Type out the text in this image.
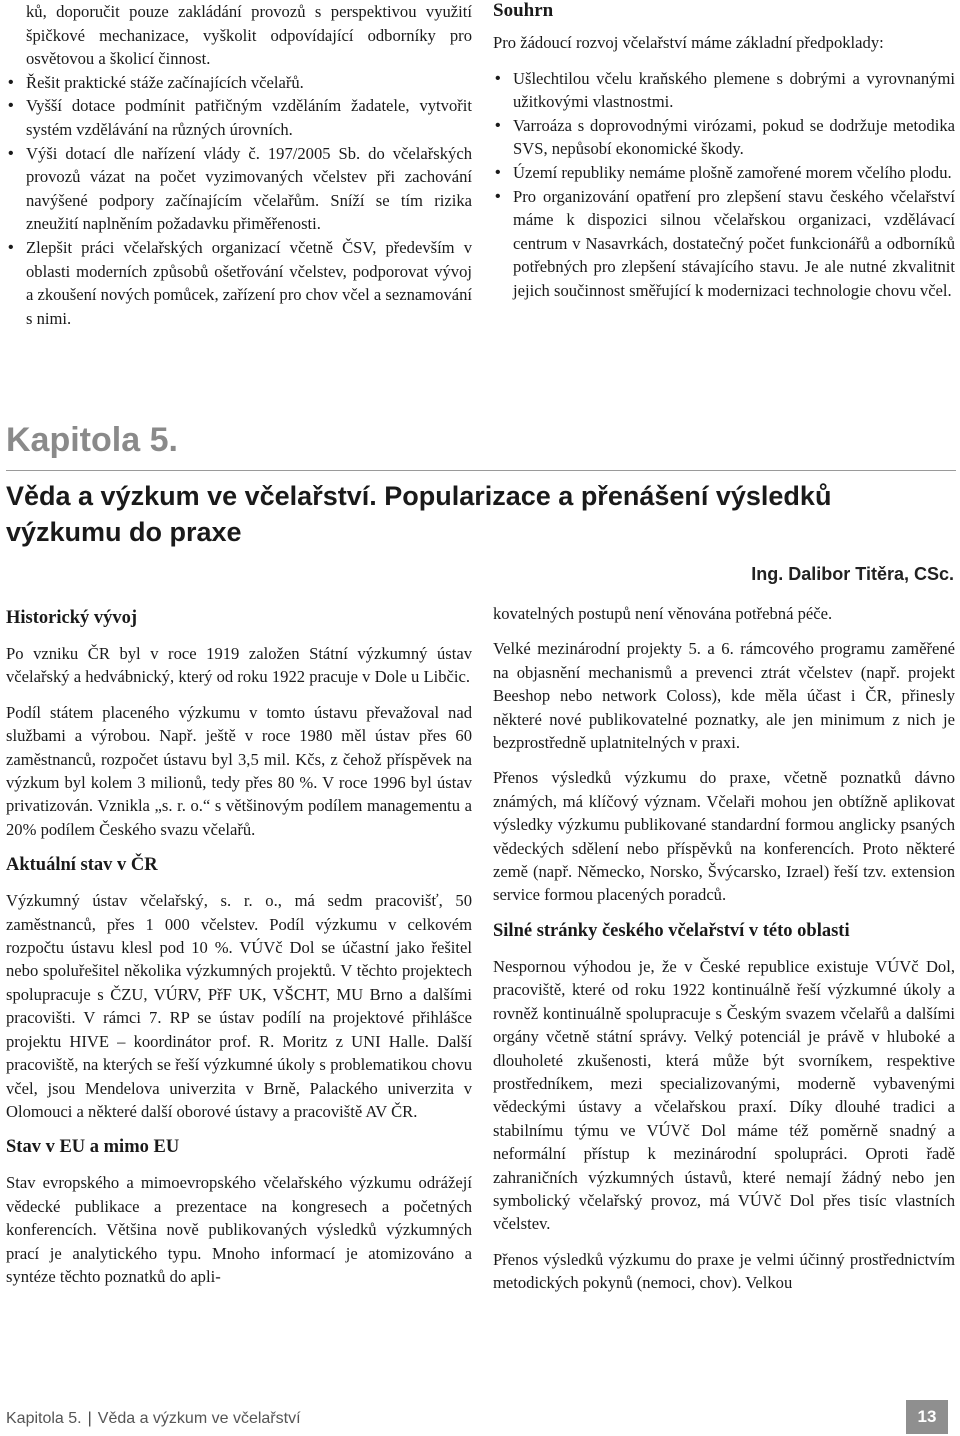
ků, doporučit pouze zakládání provozů s perspektivou využití špičkové mechanizace, vyškolit odpovídající odborníky pro osvětovou a školicí činnost.
• Řešit praktické stáže začínajících včelařů.
• Vyšší dotace podmínit patřičným vzděláním žadatele, vytvořit systém vzdělávání na různých úrovních.
• Výši dotací dle nařízení vlády č. 197/2005 Sb. do včelařských provozů vázat na počet vyzimovaných včelstev při zachování navýšené podpory začínajícím včelařům. Sníží se tím rizika zneužití naplněním požadavku přiměřenosti.
• Zlepšit práci včelařských organizací včetně ČSV, především v oblasti moderních způsobů ošetřování včelstev, podporovat vývoj a zkoušení nových pomůcek, zařízení pro chov včel a seznamování s nimi.
Souhrn

Pro žádoucí rozvoj včelařství máme základní předpoklady:

• Ušlechtilou včelu kraňského plemene s dobrými a vyrovnanými užitkovými vlastnostmi.
• Varroáza s doprovodnými virózami, pokud se dodržuje metodika SVS, nepůsobí ekonomické škody.
• Území republiky nemáme plošně zamořené morem včelího plodu.
• Pro organizování opatření pro zlepšení stavu českého včelařství máme k dispozici silnou včelařskou organizaci, vzdělávací centrum v Nasavrkách, dostatečný počet funkcionářů a odborníků potřebných pro zlepšení stávajícího stavu. Je ale nutné zkvalitnit jejich součinnost směřující k modernizaci technologie chovu včel.
Kapitola 5.
Věda a výzkum ve včelařství. Popularizace a přenášení výsledků výzkumu do praxe

Ing. Dalibor Titěra, CSc.

Historický vývoj

Po vzniku ČR byl v roce 1919 založen Státní výzkumný ústav včelařský a hedvábnický, který od roku 1922 pracuje v Dole u Libčic.

Podíl státem placeného výzkumu v tomto ústavu převažoval nad službami a výrobou. Např. ještě v roce 1980 měl ústav přes 60 zaměstnanců, rozpočet ústavu byl 3,5 mil. Kčs, z čehož příspěvek na výzkum byl kolem 3 milionů, tedy přes 80 %. V roce 1996 byl ústav privatizován. Vznikla „s. r. o.“ s většinovým podílem managementu a 20% podílem Českého svazu včelařů.

Aktuální stav v ČR

Výzkumný ústav včelařský, s. r. o., má sedm pracovišť, 50 zaměstnanců, přes 1 000 včelstev. Podíl výzkumu v celkovém rozpočtu ústavu klesl pod 10 %. VÚVč Dol se účastní jako řešitel nebo spoluřešitel několika výzkumných projektů. V těchto projektech spolupracuje s ČZU, VÚRV, PřF UK, VŠCHT, MU Brno a dalšími pracovišti. V rámci 7. RP se ústav podílí na projektové přihlášce projektu HIVE – koordinátor prof. R. Moritz z UNI Halle. Další pracoviště, na kterých se řeší výzkumné úkoly s problematikou chovu včel, jsou Mendelova univerzita v Brně, Palackého univerzita v Olomouci a některé další oborové ústavy a pracoviště AV ČR.

Stav v EU a mimo EU

Stav evropského a mimoevropského včelařského výzkumu odrážejí vědecké publikace a prezentace na kongresech a početných konferencích. Většina nově publikovaných výsledků výzkumných prací je analytického typu. Mnoho informací je atomizováno a syntéze těchto poznatků do apli-

kovatelných postupů není věnována potřebná péče.

Velké mezinárodní projekty 5. a 6. rámcového programu zaměřené na objasnění mechanismů a prevenci ztrát včelstev (např. projekt Beeshop nebo network Coloss), kde měla účast i ČR, přinesly některé nové publikovatelné poznatky, ale jen minimum z nich je bezprostředně uplatnitelných v praxi.

Přenos výsledků výzkumu do praxe, včetně poznatků dávno známých, má klíčový význam. Včelaři mohou jen obtížně aplikovat výsledky výzkumu publikované standardní formou anglicky psaných vědeckých sdělení nebo příspěvků na konferencích. Proto některé země (např. Německo, Norsko, Švýcarsko, Izrael) řeší tzv. extension service formou placených poradců.

Silné stránky českého včelařství v této oblasti

Nespornou výhodou je, že v České republice existuje VÚVč Dol, pracoviště, které od roku 1922 kontinuálně řeší výzkumné úkoly a rovněž kontinuálně spolupracuje s Českým svazem včelařů a dalšími orgány včetně státní správy. Velký potenciál je právě v hluboké a dlouholeté zkušenosti, která může být svorníkem, respektive prostředníkem, mezi specializovanými, moderně vybavenými vědeckými ústavy a včelařskou praxí. Díky dlouhé tradici a stabilnímu týmu ve VÚVč Dol máme též poměrně snadný a neformální přístup k mezinárodní spolupráci. Oproti řadě zahraničních výzkumných ústavů, které nemají žádný nebo jen symbolický včelařský provoz, má VÚVč Dol přes tisíc vlastních včelstev.

Přenos výsledků výzkumu do praxe je velmi účinný prostřednictvím metodických pokynů (nemoci, chov). Velkou

Kapitola 5. | Věda a výzkum ve včelařství	13
